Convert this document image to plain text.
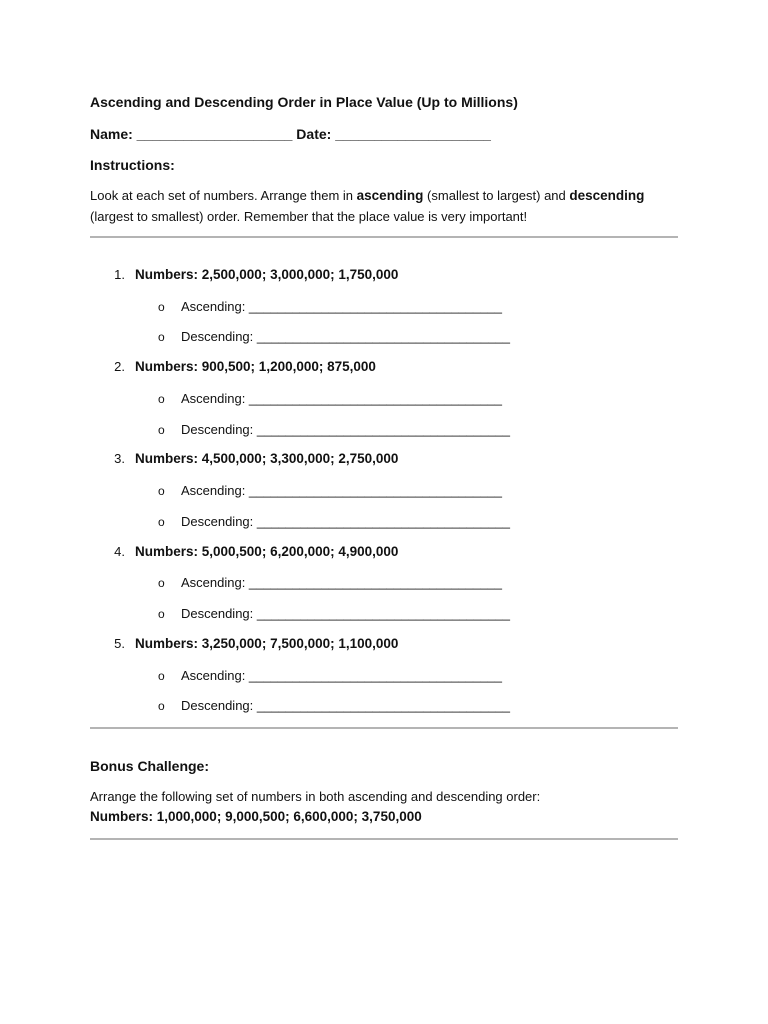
Ascending and Descending Order in Place Value (Up to Millions)
Name: ____________________ Date: ____________________
Instructions:
Look at each set of numbers. Arrange them in ascending (smallest to largest) and descending (largest to smallest) order. Remember that the place value is very important!
1. Numbers: 2,500,000; 3,000,000; 1,750,000
o Ascending: ___________________________________
o Descending: ___________________________________
2. Numbers: 900,500; 1,200,000; 875,000
o Ascending: ___________________________________
o Descending: ___________________________________
3. Numbers: 4,500,000; 3,300,000; 2,750,000
o Ascending: ___________________________________
o Descending: ___________________________________
4. Numbers: 5,000,500; 6,200,000; 4,900,000
o Ascending: ___________________________________
o Descending: ___________________________________
5. Numbers: 3,250,000; 7,500,000; 1,100,000
o Ascending: ___________________________________
o Descending: ___________________________________
Bonus Challenge:
Arrange the following set of numbers in both ascending and descending order:
Numbers: 1,000,000; 9,000,500; 6,600,000; 3,750,000
